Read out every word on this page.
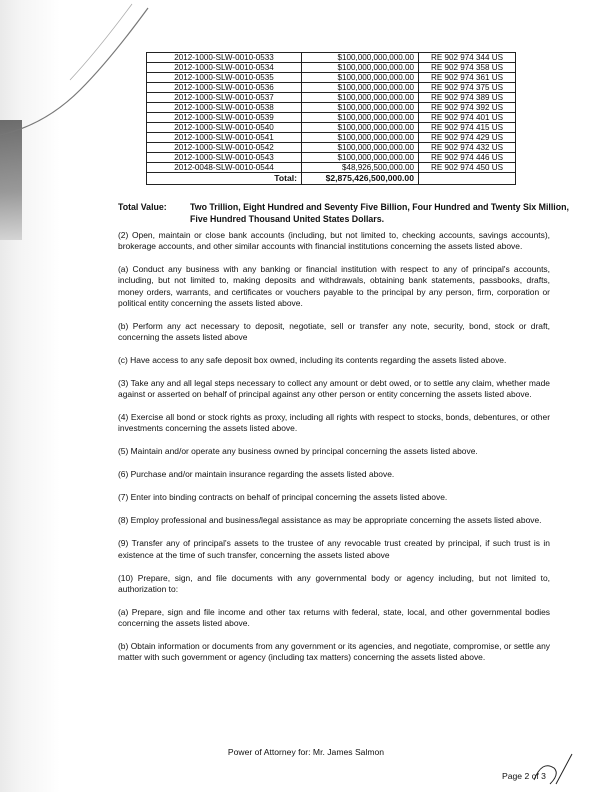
2012-1000-SLW-0010-0533	$100,000,000,000.00	RE 902 974 344 US
2012-1000-SLW-0010-0534	$100,000,000,000.00	RE 902 974 358 US
2012-1000-SLW-0010-0535	$100,000,000,000.00	RE 902 974 361 US
2012-1000-SLW-0010-0536	$100,000,000,000.00	RE 902 974 375 US
2012-1000-SLW-0010-0537	$100,000,000,000.00	RE 902 974 389 US
2012-1000-SLW-0010-0538	$100,000,000,000.00	RE 902 974 392 US
2012-1000-SLW-0010-0539	$100,000,000,000.00	RE 902 974 401 US
2012-1000-SLW-0010-0540	$100,000,000,000.00	RE 902 974 415 US
2012-1000-SLW-0010-0541	$100,000,000,000.00	RE 902 974 429 US
2012-1000-SLW-0010-0542	$100,000,000,000.00	RE 902 974 432 US
2012-1000-SLW-0010-0543	$100,000,000,000.00	RE 902 974 446 US
2012-0048-SLW-0010-0544	$48,926,500,000.00	RE 902 974 450 US
Total:	$2,875,426,500,000.00	
Total Value:	Two Trillion, Eight Hundred and Seventy Five Billion, Four Hundred and Twenty Six Million, Five Hundred Thousand United States Dollars.

(2) Open, maintain or close bank accounts (including, but not limited to, checking accounts, savings accounts), brokerage accounts, and other similar accounts with financial institutions concerning the assets listed above.

(a) Conduct any business with any banking or financial institution with respect to any of principal's accounts, including, but not limited to, making deposits and withdrawals, obtaining bank statements, passbooks, drafts, money orders, warrants, and certificates or vouchers payable to the principal by any person, firm, corporation or political entity concerning the assets listed above.

(b) Perform any act necessary to deposit, negotiate, sell or transfer any note, security, bond, stock or draft, concerning the assets listed above

(c) Have access to any safe deposit box owned, including its contents regarding the assets listed above.

(3) Take any and all legal steps necessary to collect any amount or debt owed, or to settle any claim, whether made against or asserted on behalf of principal against any other person or entity concerning the assets listed above.

(4) Exercise all bond or stock rights as proxy, including all rights with respect to stocks, bonds, debentures, or other investments concerning the assets listed above.

(5) Maintain and/or operate any business owned by principal concerning the assets listed above.

(6) Purchase and/or maintain insurance regarding the assets listed above.

(7) Enter into binding contracts on behalf of principal concerning the assets listed above.

(8) Employ professional and business/legal assistance as may be appropriate concerning the assets listed above.

(9) Transfer any of principal's assets to the trustee of any revocable trust created by principal, if such trust is in existence at the time of such transfer, concerning the assets listed above

(10) Prepare, sign, and file documents with any governmental body or agency including, but not limited to, authorization to:

(a) Prepare, sign and file income and other tax returns with federal, state, local, and other governmental bodies concerning the assets listed above.

(b) Obtain information or documents from any government or its agencies, and negotiate, compromise, or settle any matter with such government or agency (including tax matters) concerning the assets listed above.

Power of Attorney for: Mr. James Salmon
Page 2 of 3
